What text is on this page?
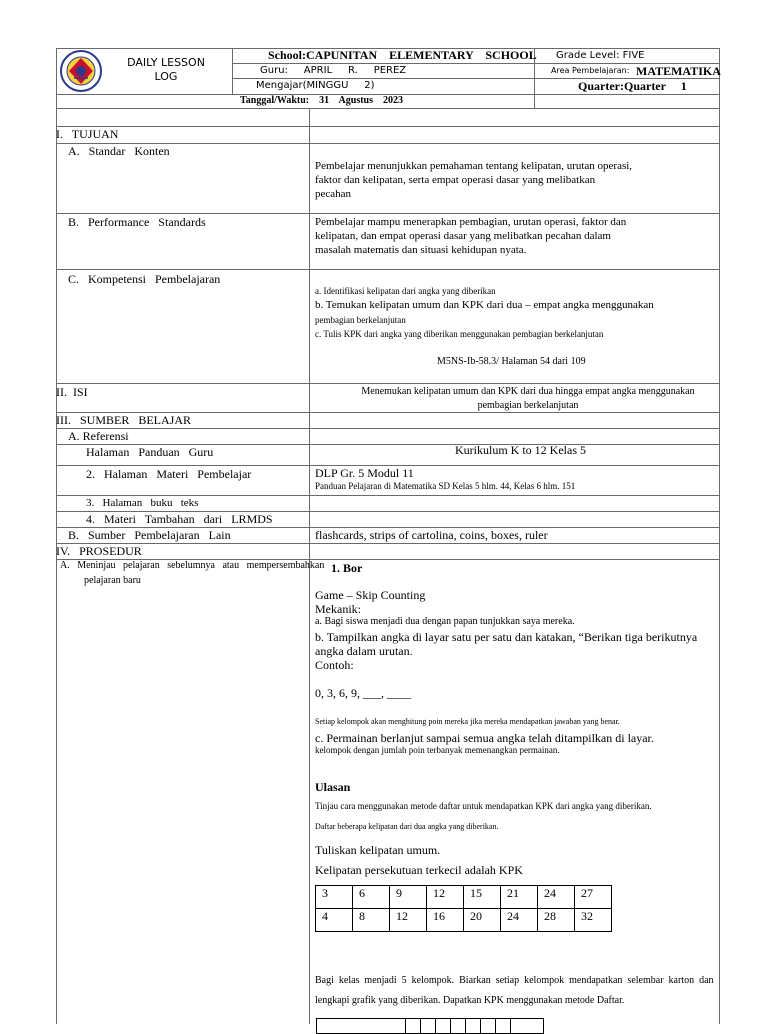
DAILY LESSON
LOG
School:CAPUNITAN    ELEMENTARY    SCHOOL Grade Level: FIVE
Guru:     APRIL     R.     PEREZ	Area Pembelajaran: MATEMATIKA
Mengajar(MINGGU     2)	Quarter:Quarter     1
Tanggal/Waktu:    31    Agustus    2023
I.   TUJUAN
A.   Standar   Konten
Pembelajar menunjukkan pemahaman tentang kelipatan, urutan operasi,
faktor dan kelipatan, serta empat operasi dasar yang melibatkan
pecahan
B.   Performance   Standards	Pembelajar mampu menerapkan pembagian, urutan operasi, faktor dan
kelipatan, dan empat operasi dasar yang melibatkan pecahan dalam
masalah matematis dan situasi kehidupan nyata.
C.   Kompetensi   Pembelajaran
a. Identifikasi kelipatan dari angka yang diberikan
b. Temukan kelipatan umum dan KPK dari dua – empat angka menggunakan
pembagian berkelanjutan
c. Tulis KPK dari angka yang diberikan menggunakan pembagian berkelanjutan
M5NS-Ib-58.3/ Halaman 54 dari 109
II.  ISI	Menemukan kelipatan umum dan KPK dari dua hingga empat angka menggunakan
pembagian berkelanjutan
III.   SUMBER   BELAJAR
A. Referensi
Halaman   Panduan   Guru	Kurikulum K to 12 Kelas 5
2.   Halaman   Materi   Pembelajar	DLP Gr. 5 Modul 11
Panduan Pelajaran di Matematika SD Kelas 5 hlm. 44, Kelas 6 hlm. 151
3.   Halaman   buku   teks
4.   Materi   Tambahan   dari   LRMDS
B.   Sumber   Pembelajaran   Lain	flashcards, strips of cartolina, coins, boxes, ruler
IV.   PROSEDUR
A.   Meninjau   pelajaran   sebelumnya   atau   mempersembahkan
pelajaran baru
1. Bor
Game – Skip Counting
Mekanik:
a. Bagi siswa menjadi dua dengan papan tunjukkan saya mereka.
b. Tampilkan angka di layar satu per satu dan katakan, “Berikan tiga berikutnya
angka dalam urutan.
Contoh:
0, 3, 6, 9, ___, ____
Setiap kelompok akan menghitung poin mereka jika mereka mendapatkan jawaban yang benar.
c. Permainan berlanjut sampai semua angka telah ditampilkan di layar.
kelompok dengan jumlah poin terbanyak memenangkan permainan.
Ulasan
Tinjau cara menggunakan metode daftar untuk mendapatkan KPK dari angka yang diberikan.
Daftar beberapa kelipatan dari dua angka yang diberikan.
Tuliskan kelipatan umum.
Kelipatan persekutuan terkecil adalah KPK
3	6	9	12	15	21	24	27
4	8	12	16	20	24	28	32
Bagi  kelas  menjadi  5  kelompok.  Biarkan  setiap  kelompok  mendapatkan  selembar  karton  dan
lengkapi grafik yang diberikan. Dapatkan KPK menggunakan metode Daftar.
